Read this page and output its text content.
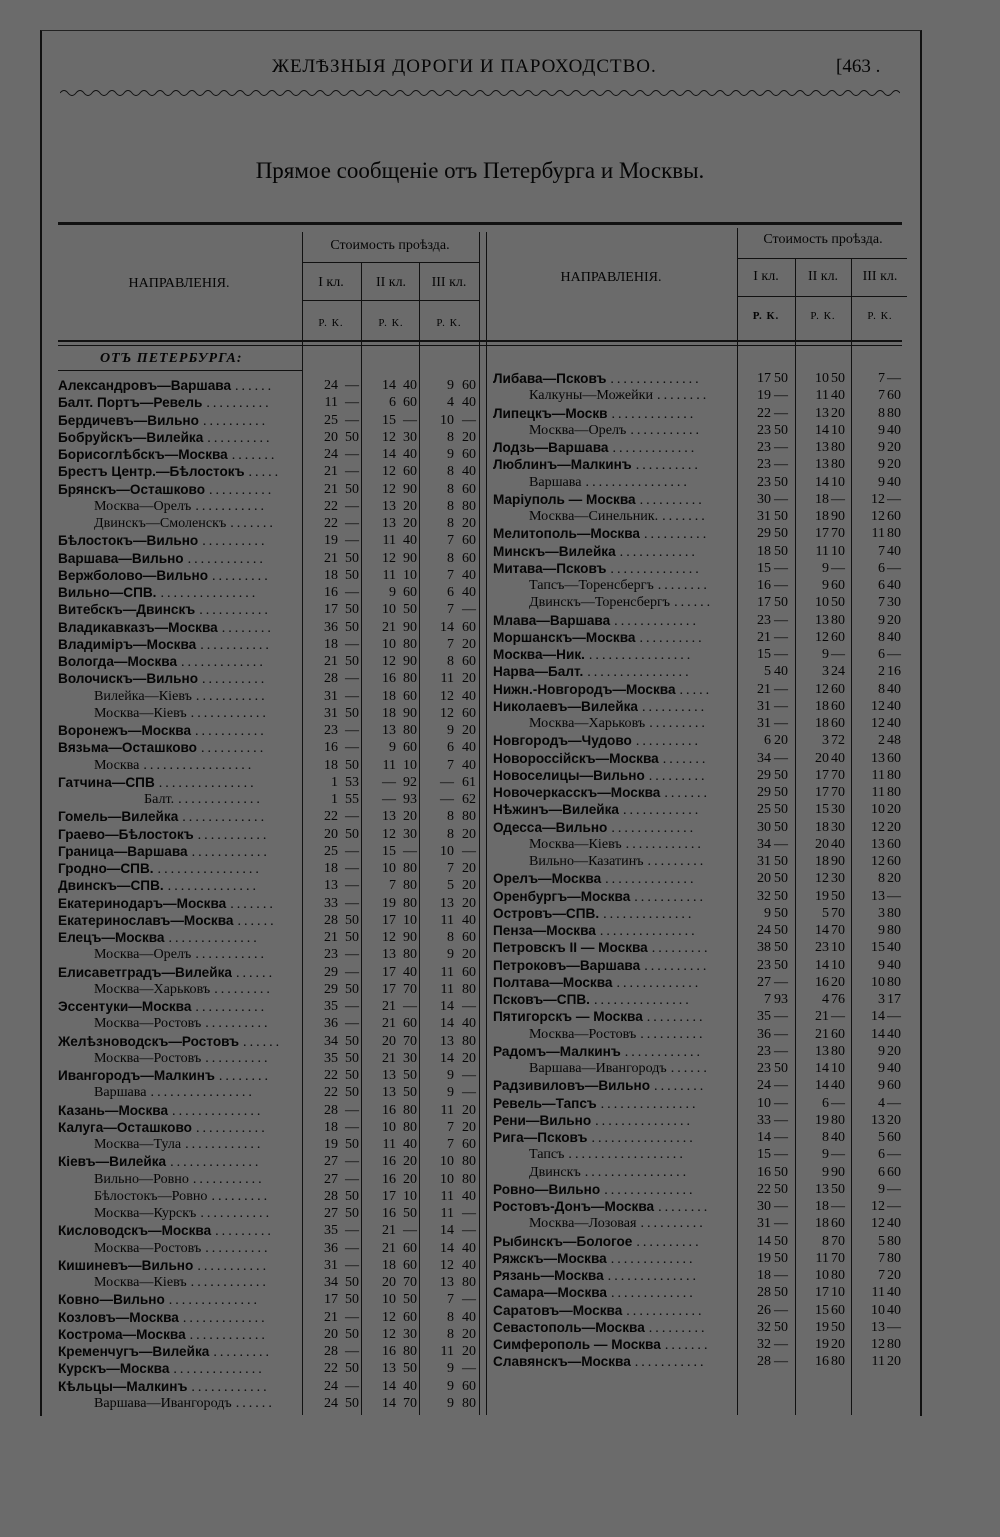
ЖЕЛѢЗНЫЯ ДОРОГИ И ПАРОХОДСТВО.	[463 .
Прямое сообщеніе отъ Петербурга и Москвы.
НАПРАВЛЕНІЯ.
Стоимость проѣзда.
I кл.	II кл.	III кл.
Р. К.	Р. К.	Р. К.
НАПРАВЛЕНІЯ.
Стоимость проѣзда.
I кл.	II кл.	III кл.
Р. К.	Р. К.	Р. К.
ОТЪ ПЕТЕРБУРГА:
Александровъ—Варшава ......	24 —	14 40	9 60
Балт. Портъ—Ревель ..........	11 —	6 60	4 40
Бердичевъ—Вильно ..........	25 —	15 —	10 —
Бобруйскъ—Вилейка ..........	20 50	12 30	8 20
Борисоглѣбскъ—Москва .......	24 —	14 40	9 60
Брестъ Центр.—Бѣлостокъ .....	21 —	12 60	8 40
Брянскъ—Осташково ..........	21 50	12 90	8 60
Москва—Орелъ ...........	22 —	13 20	8 80
Двинскъ—Смоленскъ .......	22 —	13 20	8 20
Бѣлостокъ—Вильно ..........	19 —	11 40	7 60
Варшава—Вильно ............	21 50	12 90	8 60
Вержболово—Вильно .........	18 50	11 10	7 40
Вильно—СПВ. ...............	16 —	9 60	6 40
Витебскъ—Двинскъ ...........	17 50	10 50	7 —
Владикавказъ—Москва ........	36 50	21 90	14 60
Владиміръ—Москва ...........	18 —	10 80	7 20
Вологда—Москва .............	21 50	12 90	8 60
Волочискъ—Вильно ..........	28 —	16 80	11 20
Вилейка—Кіевъ ...........	31 —	18 60	12 40
Москва—Кіевъ ............	31 50	18 90	12 60
Воронежъ—Москва ...........	23 —	13 80	9 20
Вязьма—Осташково ..........	16 —	9 60	6 40
Москва .................	18 50	11 10	7 40
Гатчина—СПВ ...............	1 53	— 92	— 61
Балт. .............	1 55	— 93	— 62
Гомель—Вилейка .............	22 —	13 20	8 80
Граево—Бѣлостокъ ...........	20 50	12 30	8 20
Граница—Варшава ............	25 —	15 —	10 —
Гродно—СПВ. ................	18 —	10 80	7 20
Двинскъ—СПВ. ..............	13 —	7 80	5 20
Екатеринодаръ—Москва .......	33 —	19 80	13 20
Екатеринославъ—Москва ......	28 50	17 10	11 40
Елецъ—Москва ..............	21 50	12 90	8 60
Москва—Орелъ ...........	23 —	13 80	9 20
Елисаветградъ—Вилейка ......	29 —	17 40	11 60
Москва—Харьковъ .........	29 50	17 70	11 80
Эссентуки—Москва ...........	35 —	21 —	14 —
Москва—Ростовъ ..........	36 —	21 60	14 40
Желѣзноводскъ—Ростовъ ......	34 50	20 70	13 80
Москва—Ростовъ ..........	35 50	21 30	14 20
Ивангородъ—Малкинъ ........	22 50	13 50	9 —
Варшава ................	22 50	13 50	9 —
Казань—Москва ..............	28 —	16 80	11 20
Калуга—Осташково ...........	18 —	10 80	7 20
Москва—Тула ............	19 50	11 40	7 60
Кіевъ—Вилейка ..............	27 —	16 20	10 80
Вильно—Ровно ...........	27 —	16 20	10 80
Бѣлостокъ—Ровно .........	28 50	17 10	11 40
Москва—Курскъ ...........	27 50	16 50	11 —
Кисловодскъ—Москва .........	35 —	21 —	14 —
Москва—Ростовъ ..........	36 —	21 60	14 40
Кишиневъ—Вильно ...........	31 —	18 60	12 40
Москва—Кіевъ ............	34 50	20 70	13 80
Ковно—Вильно ..............	17 50	10 50	7 —
Козловъ—Москва .............	21 —	12 60	8 40
Кострома—Москва ............	20 50	12 30	8 20
Кременчугъ—Вилейка .........	28 —	16 80	11 20
Курскъ—Москва ..............	22 50	13 50	9 —
Кѣльцы—Малкинъ ............	24 —	14 40	9 60
Варшава—Ивангородъ ......	24 50	14 70	9 80
Либава—Псковъ ..............	17 50	10 50	7 —
Калкуны—Можейки ........	19 —	11 40	7 60
Липецкъ—Москв .............	22 —	13 20	8 80
Москва—Орелъ ...........	23 50	14 10	9 40
Лодзь—Варшава .............	23 —	13 80	9 20
Люблинъ—Малкинъ ..........	23 —	13 80	9 20
Варшава ................	23 50	14 10	9 40
Маріуполь — Москва ..........	30 —	18 —	12 —
Москва—Синельник. .......	31 50	18 90	12 60
Мелитополь—Москва ..........	29 50	17 70	11 80
Минскъ—Вилейка ............	18 50	11 10	7 40
Митава—Псковъ ..............	15 —	9 —	6 —
Тапсъ—Торенсбергъ ........	16 —	9 60	6 40
Двинскъ—Торенсбергъ ......	17 50	10 50	7 30
Млава—Варшава .............	23 —	13 80	9 20
Моршанскъ—Москва ..........	21 —	12 60	8 40
Москва—Ник. ................	15 —	9 —	6 —
Нарва—Балт. ................	5 40	3 24	2 16
Нижн.-Новгородъ—Москва .....	21 —	12 60	8 40
Николаевъ—Вилейка ..........	31 —	18 60	12 40
Москва—Харьковъ .........	31 —	18 60	12 40
Новгородъ—Чудово ..........	6 20	3 72	2 48
Новороссійскъ—Москва .......	34 —	20 40	13 60
Новоселицы—Вильно .........	29 50	17 70	11 80
Новочеркасскъ—Москва .......	29 50	17 70	11 80
Нѣжинъ—Вилейка ............	25 50	15 30	10 20
Одесса—Вильно .............	30 50	18 30	12 20
Москва—Кіевъ ............	34 —	20 40	13 60
Вильно—Казатинъ .........	31 50	18 90	12 60
Орелъ—Москва ..............	20 50	12 30	8 20
Оренбургъ—Москва ...........	32 50	19 50	13 —
Островъ—СПВ. ..............	9 50	5 70	3 80
Пенза—Москва ...............	24 50	14 70	9 80
Петровскъ II — Москва .........	38 50	23 10	15 40
Петроковъ—Варшава ..........	23 50	14 10	9 40
Полтава—Москва .............	27 —	16 20	10 80
Псковъ—СПВ. ...............	7 93	4 76	3 17
Пятигорскъ — Москва .........	35 —	21 —	14 —
Москва—Ростовъ ..........	36 —	21 60	14 40
Радомъ—Малкинъ ............	23 —	13 80	9 20
Варшава—Ивангородъ ......	23 50	14 10	9 40
Радзивиловъ—Вильно ........	24 —	14 40	9 60
Ревель—Тапсъ ...............	10 —	6 —	4 —
Рени—Вильно ...............	33 —	19 80	13 20
Рига—Псковъ ................	14 —	8 40	5 60
Тапсъ ..................	15 —	9 —	6 —
Двинскъ ................	16 50	9 90	6 60
Ровно—Вильно ..............	22 50	13 50	9 —
Ростовъ-Донъ—Москва ........	30 —	18 —	12 —
Москва—Лозовая ..........	31 —	18 60	12 40
Рыбинскъ—Бологое ..........	14 50	8 70	5 80
Ряжскъ—Москва .............	19 50	11 70	7 80
Рязань—Москва ..............	18 —	10 80	7 20
Самара—Москва .............	28 50	17 10	11 40
Саратовъ—Москва ............	26 —	15 60	10 40
Севастополь—Москва .........	32 50	19 50	13 —
Симферополь — Москва .......	32 —	19 20	12 80
Славянскъ—Москва ...........	28 —	16 80	11 20
